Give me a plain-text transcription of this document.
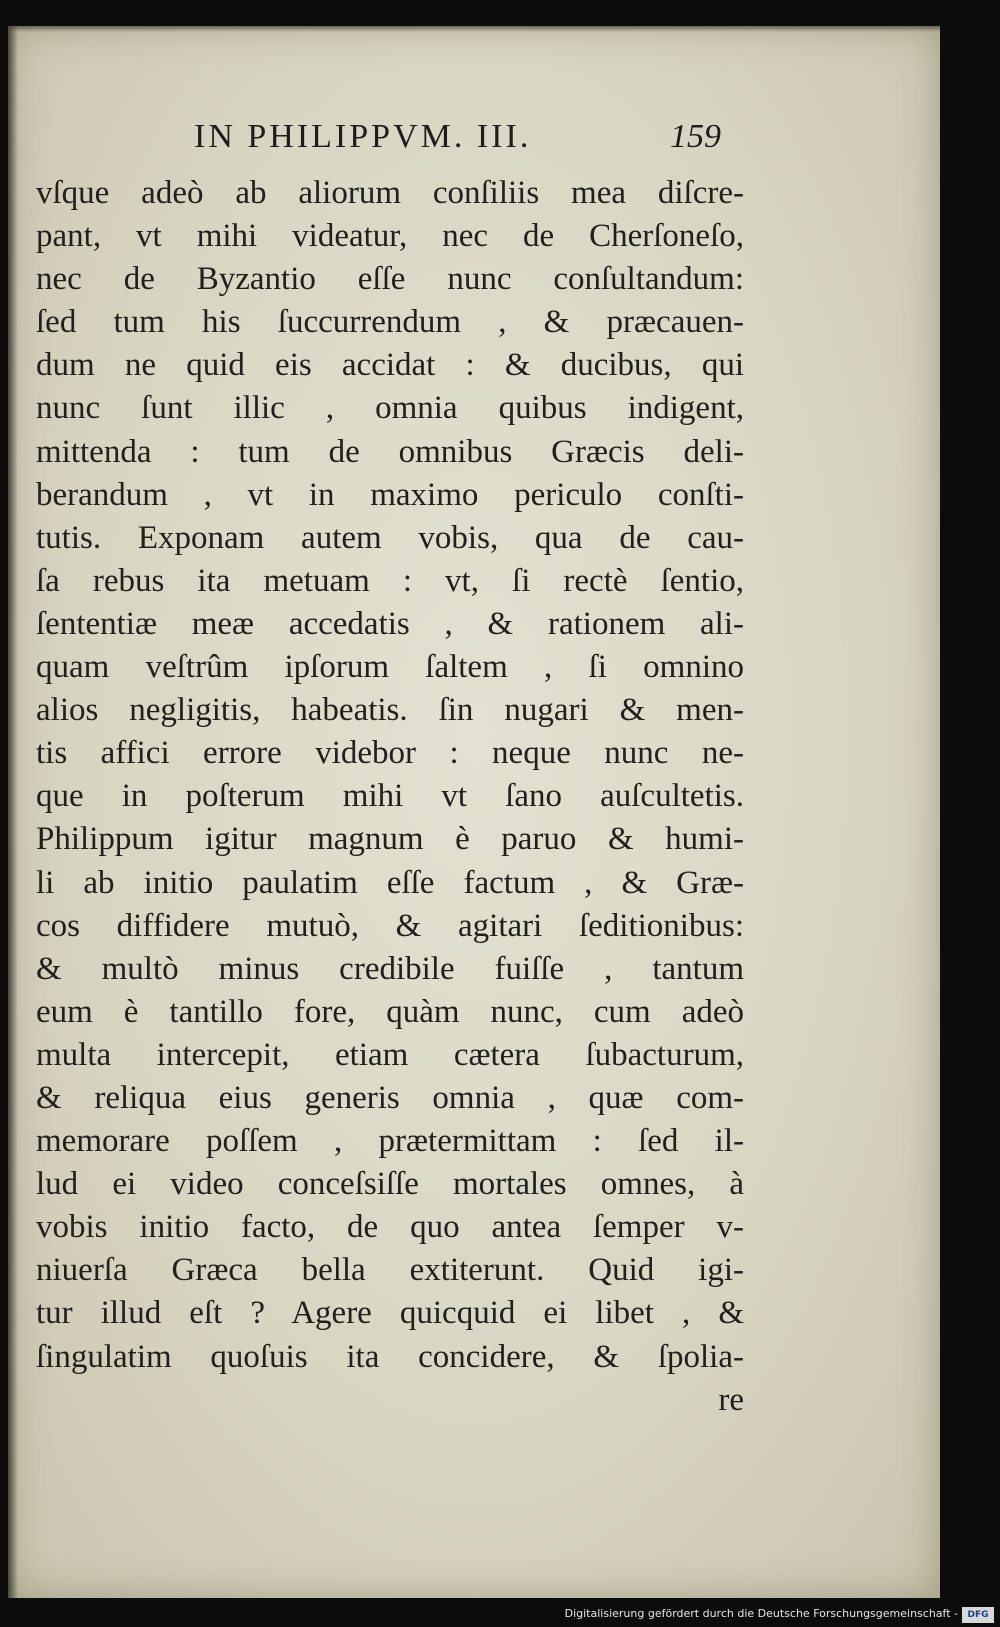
IN PHILIPPVM. III.	159
vſque adeò ab aliorum conſiliis mea diſcre-
pant, vt mihi videatur, nec de Cherſoneſo,
nec de Byzantio eſſe nunc conſultandum:
ſed tum his ſuccurrendum , & præcauen-
dum ne quid eis accidat : & ducibus, qui
nunc ſunt illic , omnia quibus indigent,
mittenda : tum de omnibus Græcis deli-
berandum , vt in maximo periculo conſti-
tutis. Exponam autem vobis, qua de cau-
ſa rebus ita metuam : vt, ſi rectè ſentio,
ſententiæ meæ accedatis , & rationem ali-
quam veſtrûm ipſorum ſaltem , ſi omnino
alios negligitis, habeatis. ſin nugari & men-
tis affici errore videbor : neque nunc ne-
que in poſterum mihi vt ſano auſcultetis.
Philippum igitur magnum è paruo & humi-
li ab initio paulatim eſſe factum , & Græ-
cos diffidere mutuò, & agitari ſeditionibus:
& multò minus credibile fuiſſe , tantum
eum è tantillo fore, quàm nunc, cum adeò
multa intercepit, etiam cætera ſubacturum,
& reliqua eius generis omnia , quæ com-
memorare poſſem , prætermittam : ſed il-
lud ei video conceſsiſſe mortales omnes, à
vobis initio facto, de quo antea ſemper v-
niuerſa Græca bella extiterunt. Quid igi-
tur illud eſt ? Agere quicquid ei libet , &
ſingulatim quoſuis ita concidere, & ſpolia-
re
Digitalisierung gefördert durch die Deutsche Forschungsgemeinschaft -	DFG
